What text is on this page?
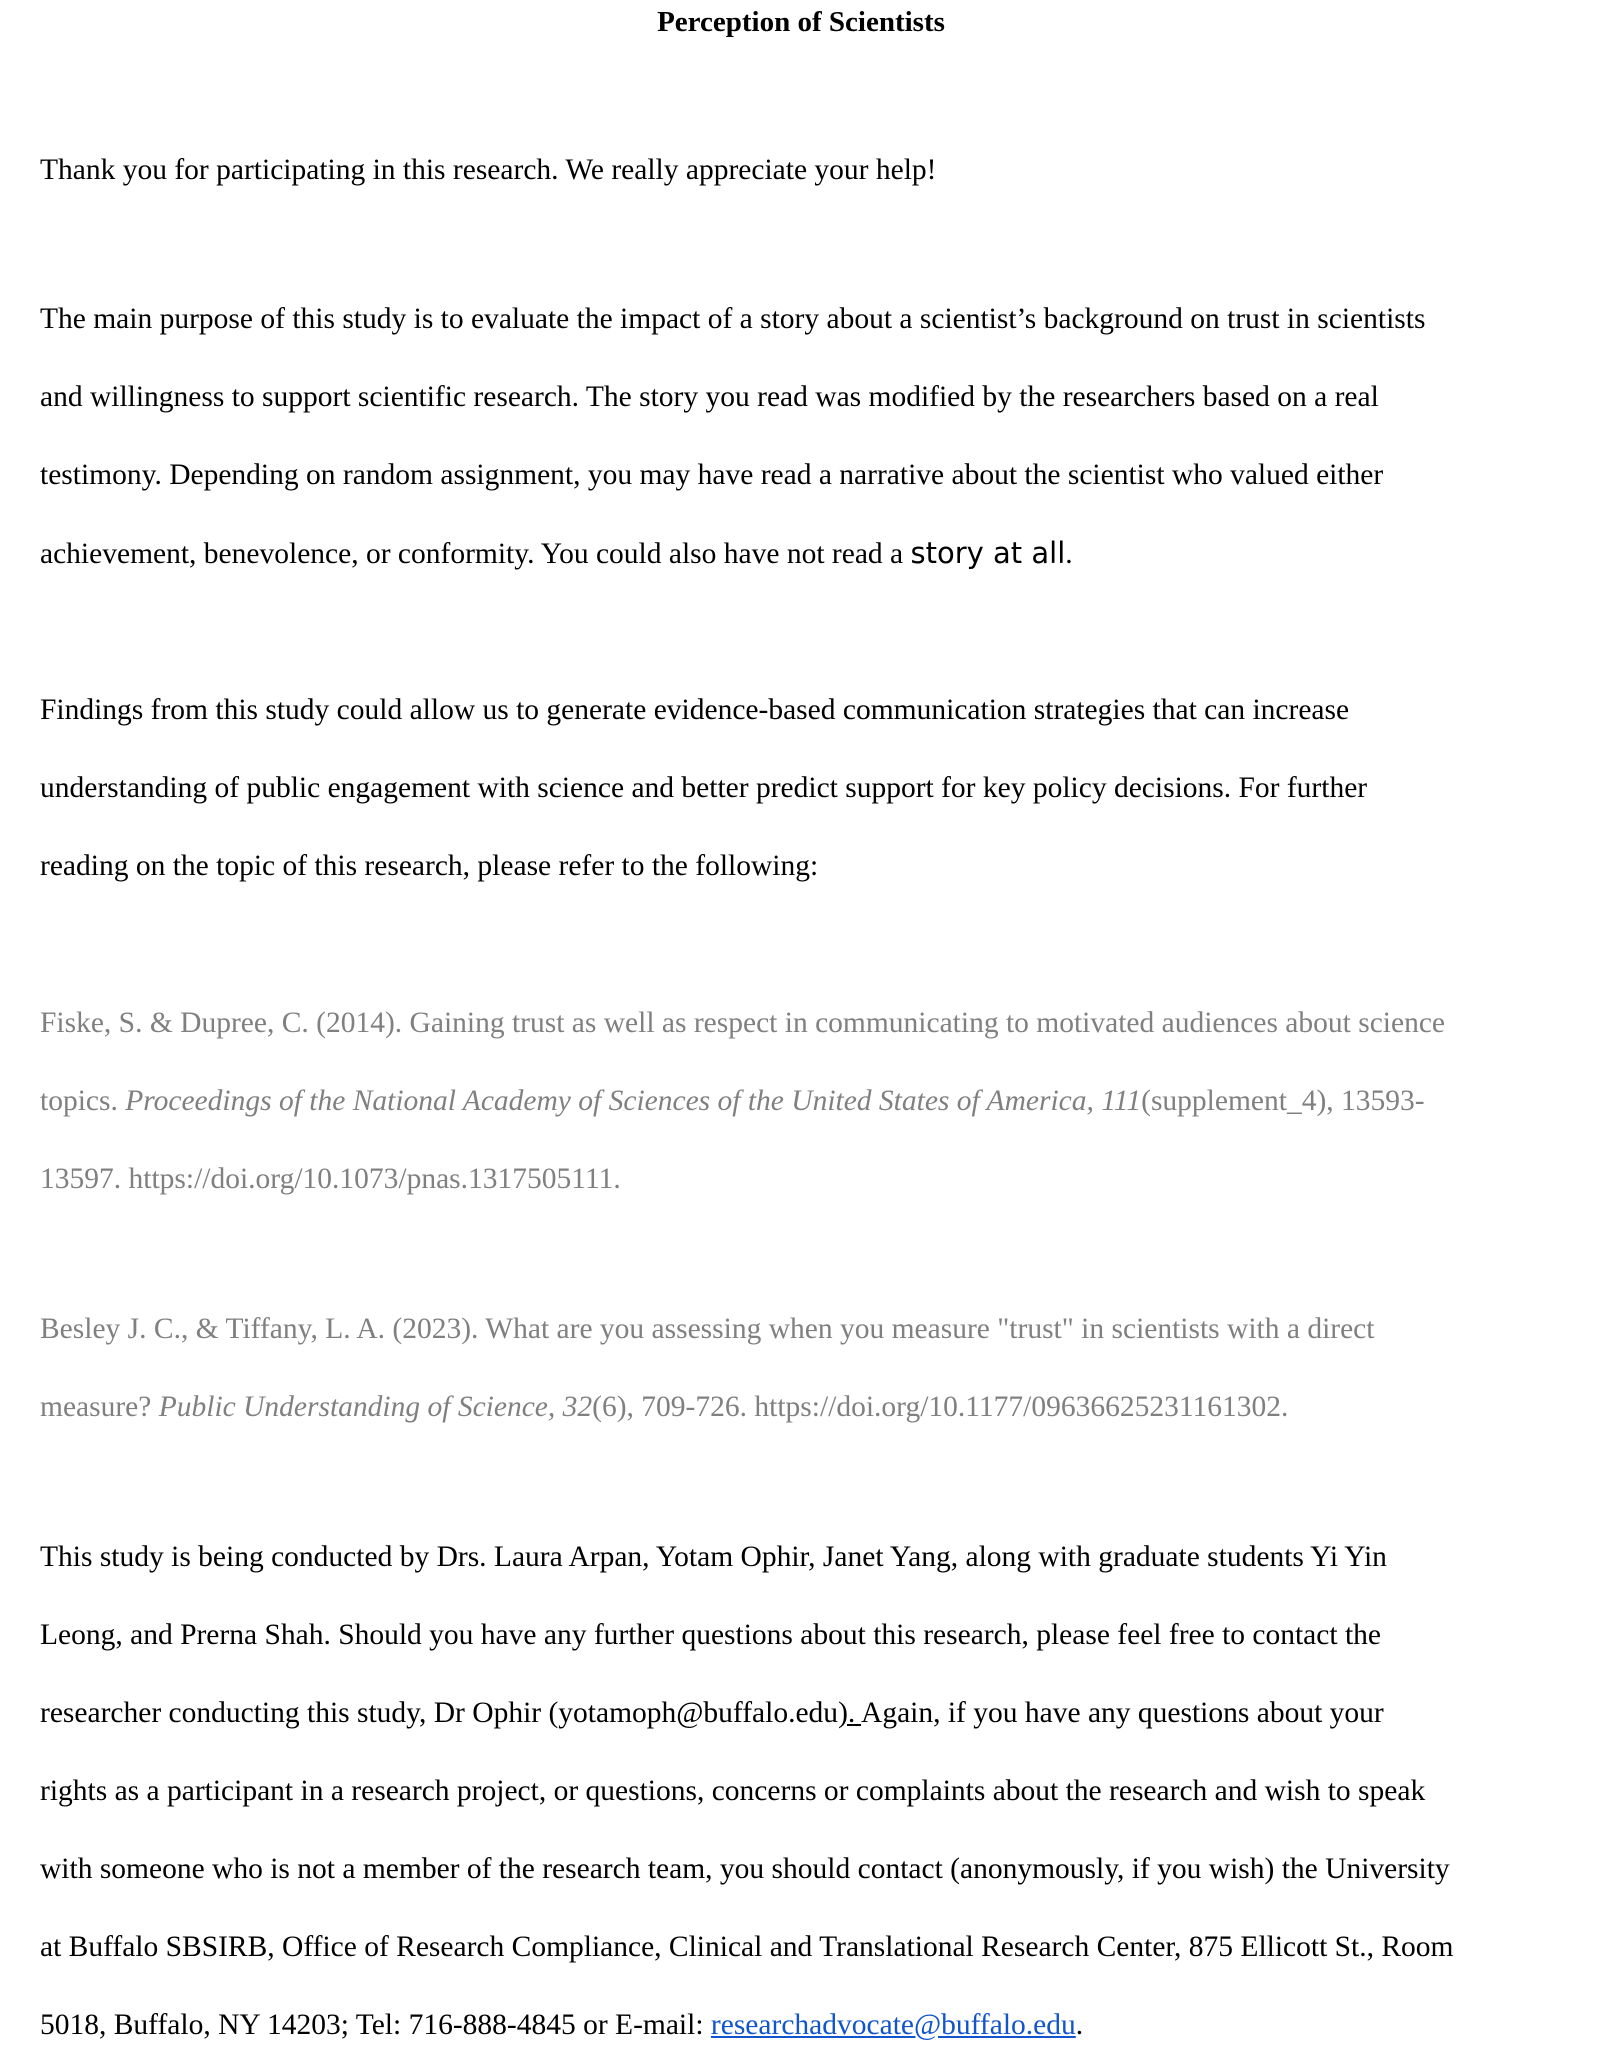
Perception of Scientists

Thank you for participating in this research. We really appreciate your help!

The main purpose of this study is to evaluate the impact of a story about a scientist’s background on trust in scientists
and willingness to support scientific research. The story you read was modified by the researchers based on a real
testimony. Depending on random assignment, you may have read a narrative about the scientist who valued either
achievement, benevolence, or conformity. You could also have not read a story at all.

Findings from this study could allow us to generate evidence-based communication strategies that can increase
understanding of public engagement with science and better predict support for key policy decisions. For further
reading on the topic of this research, please refer to the following:

Fiske, S. & Dupree, C. (2014). Gaining trust as well as respect in communicating to motivated audiences about science
topics. Proceedings of the National Academy of Sciences of the United States of America, 111(supplement_4), 13593-
13597. https://doi.org/10.1073/pnas.1317505111.

Besley J. C., & Tiffany, L. A. (2023). What are you assessing when you measure "trust" in scientists with a direct
measure? Public Understanding of Science, 32(6), 709-726. https://doi.org/10.1177/09636625231161302.

This study is being conducted by Drs. Laura Arpan, Yotam Ophir, Janet Yang, along with graduate students Yi Yin
Leong, and Prerna Shah. Should you have any further questions about this research, please feel free to contact the
researcher conducting this study, Dr Ophir (yotamoph@buffalo.edu). Again, if you have any questions about your
rights as a participant in a research project, or questions, concerns or complaints about the research and wish to speak
with someone who is not a member of the research team, you should contact (anonymously, if you wish) the University
at Buffalo SBSIRB, Office of Research Compliance, Clinical and Translational Research Center, 875 Ellicott St., Room
5018, Buffalo, NY 14203; Tel: 716-888-4845 or E-mail: researchadvocate@buffalo.edu.
